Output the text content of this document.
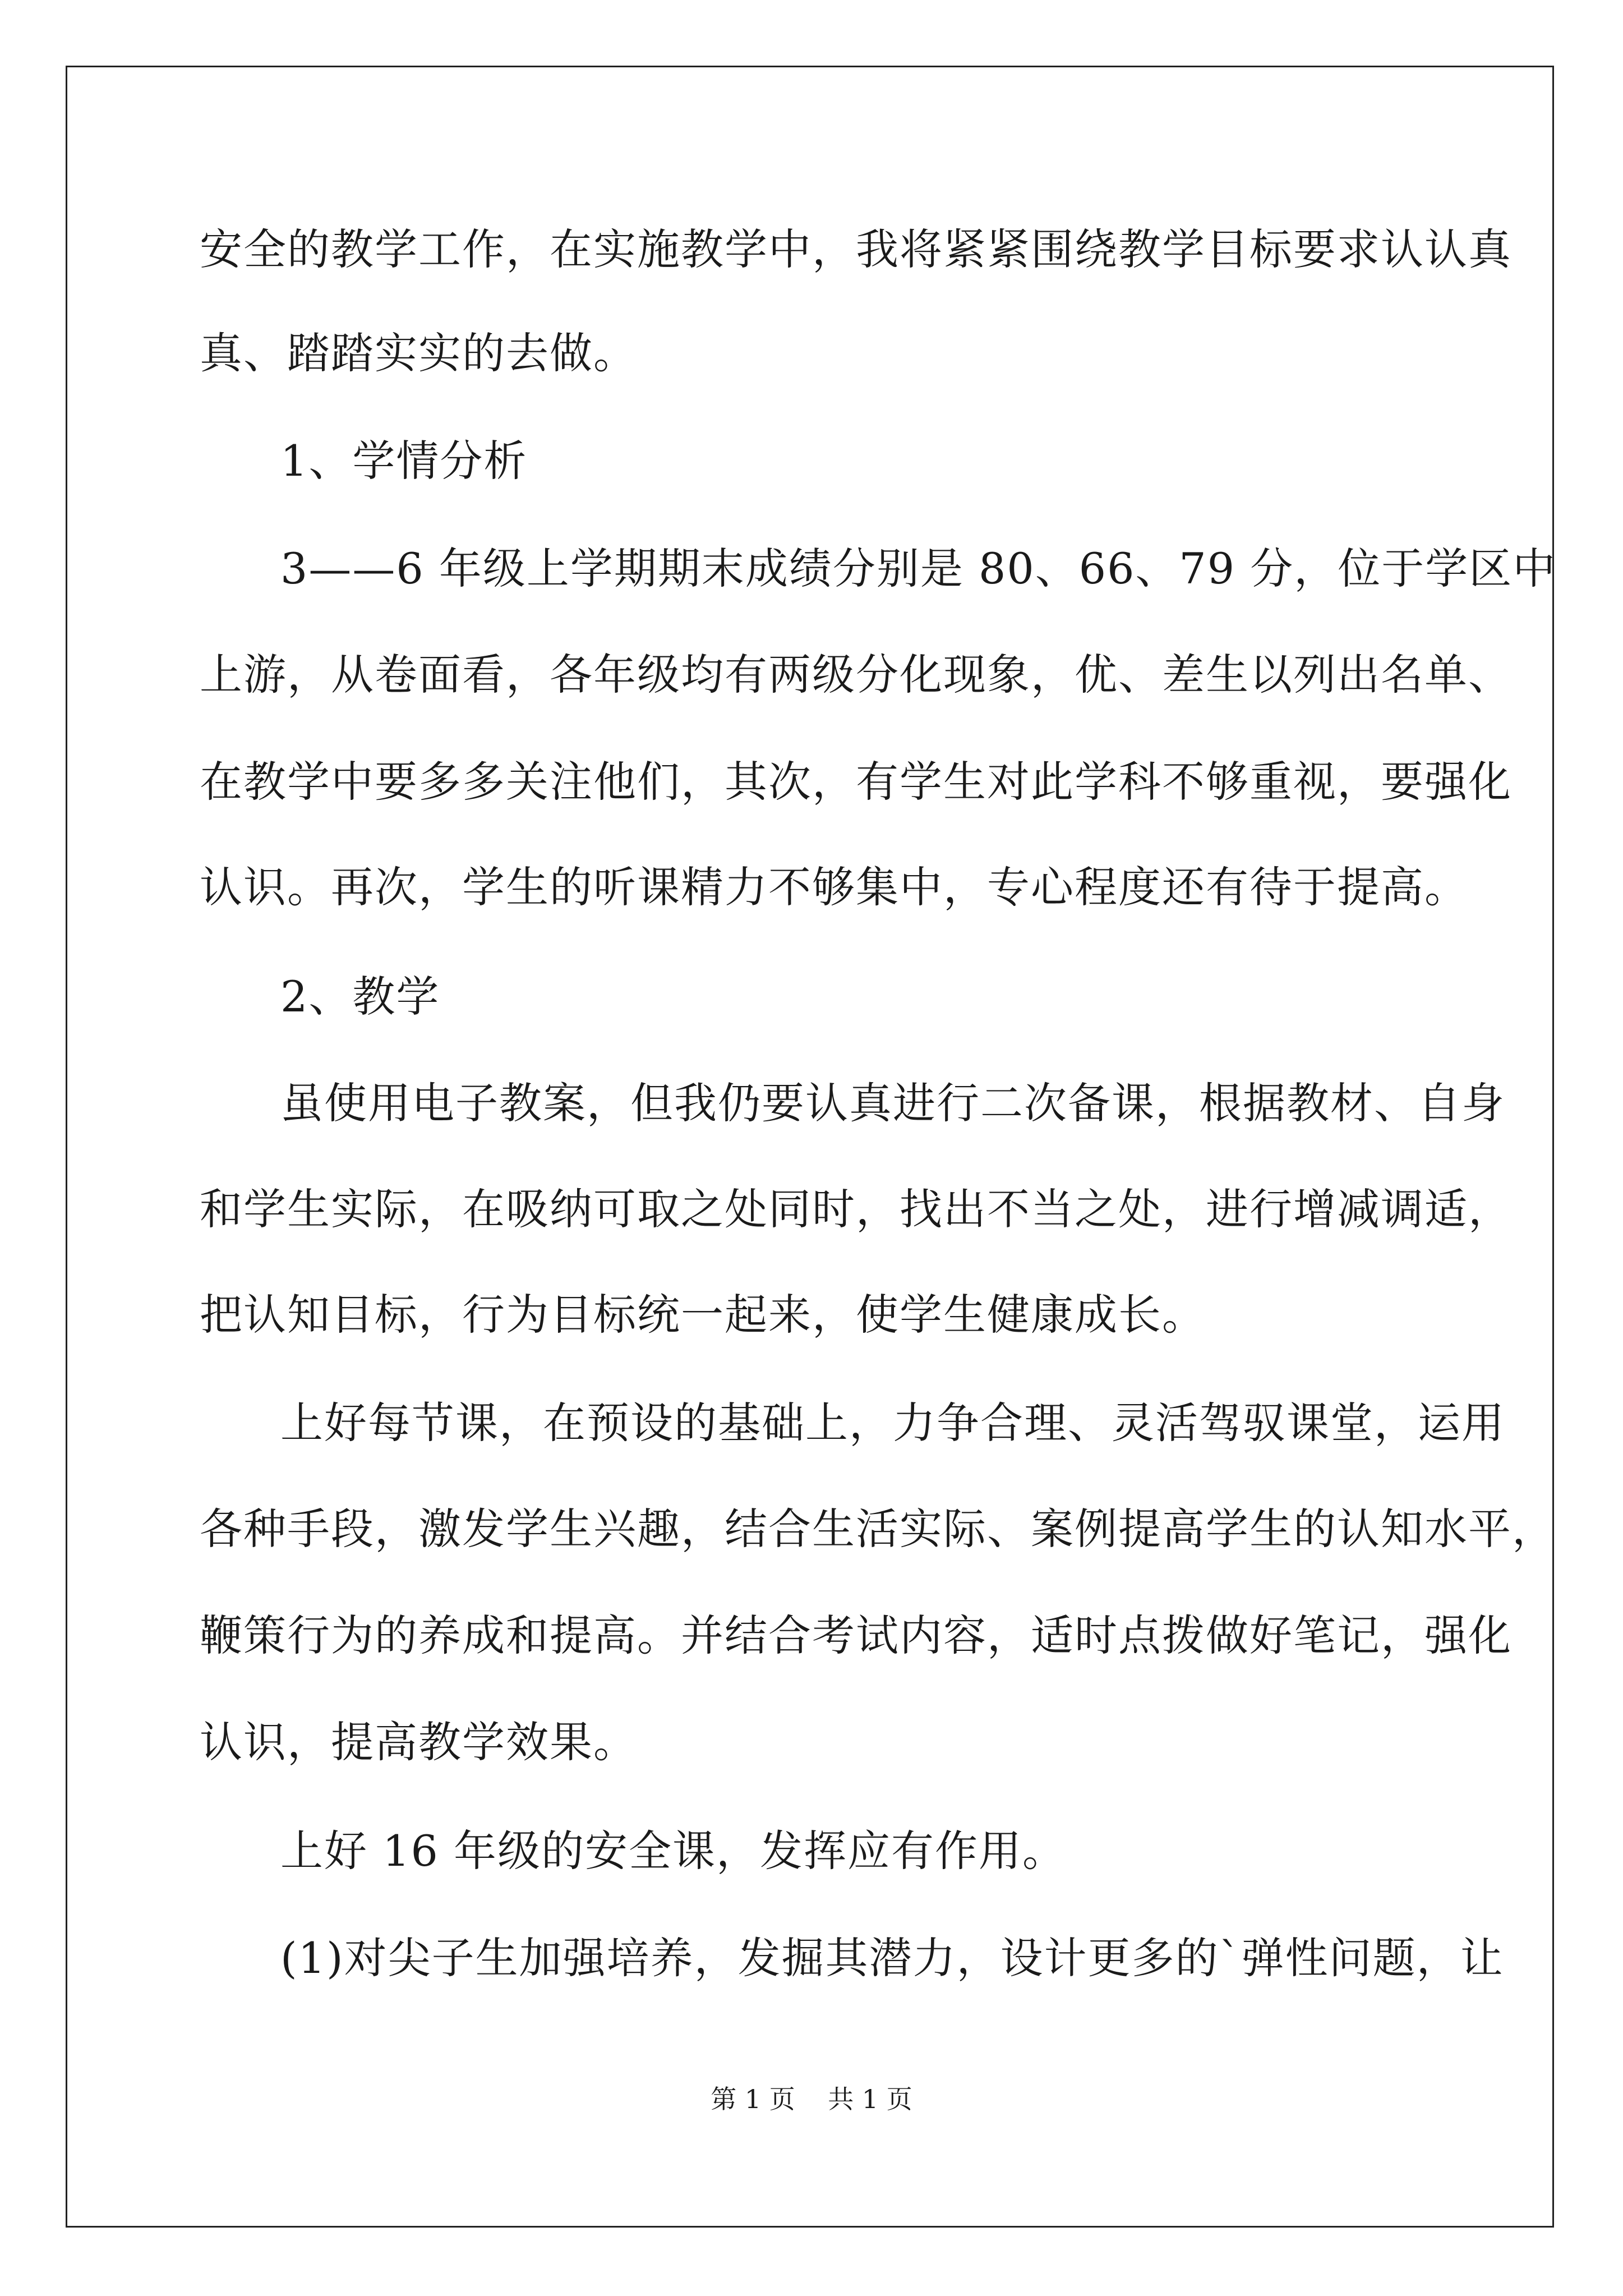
安全的教学工作，在实施教学中，我将紧紧围绕教学目标要求认认真
真、踏踏实实的去做。
1、学情分析
3——6 年级上学期期末成绩分别是 80、66、79 分，位于学区中
上游，从卷面看，各年级均有两级分化现象，优、差生以列出名单、
在教学中要多多关注他们，其次，有学生对此学科不够重视，要强化
认识。再次，学生的听课精力不够集中，专心程度还有待于提高。
2、教学
虽使用电子教案，但我仍要认真进行二次备课，根据教材、自身
和学生实际，在吸纳可取之处同时，找出不当之处，进行增减调适，
把认知目标，行为目标统一起来，使学生健康成长。
上好每节课，在预设的基础上，力争合理、灵活驾驭课堂，运用
各种手段，激发学生兴趣，结合生活实际、案例提高学生的认知水平，
鞭策行为的养成和提高。并结合考试内容，适时点拨做好笔记，强化
认识，提高教学效果。
上好 16 年级的安全课，发挥应有作用。
(1)对尖子生加强培养，发掘其潜力，设计更多的`弹性问题，让
第 1 页    共 1 页
